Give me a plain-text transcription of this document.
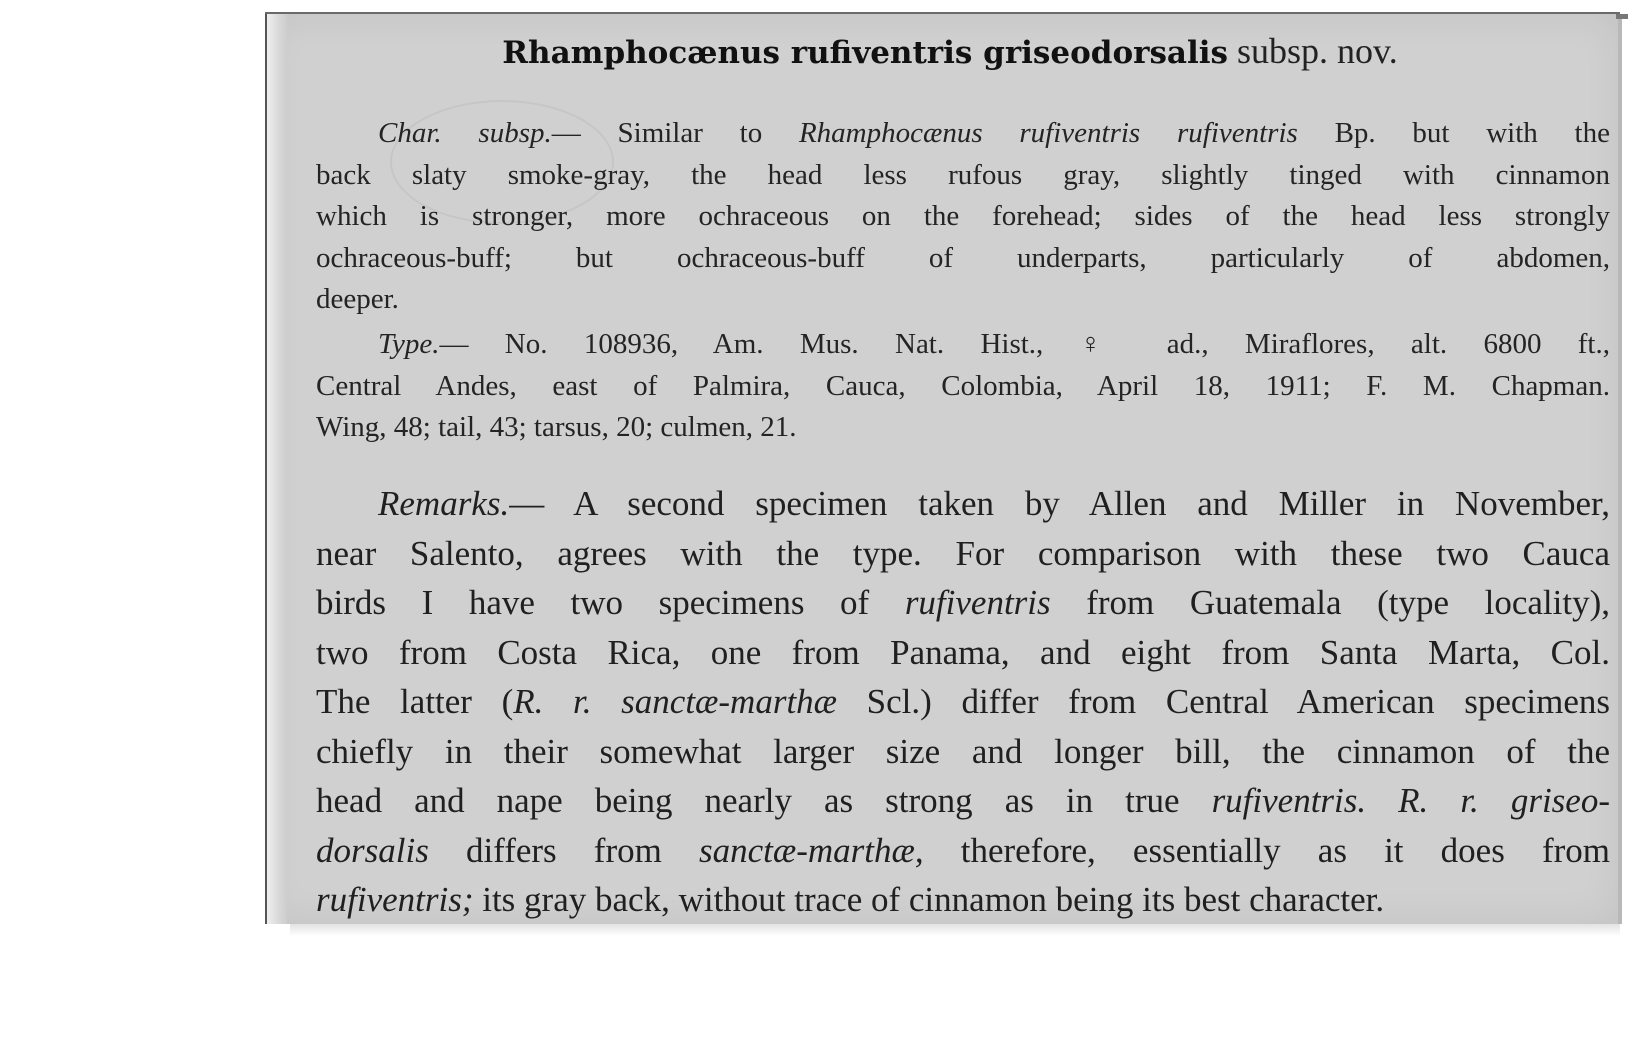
Rhamphocænus rufiventris griseodorsalis subsp. nov.
Char. subsp.— Similar to Rhamphocænus rufiventris rufiventris Bp. but with the
back slaty smoke-gray, the head less rufous gray, slightly tinged with cinnamon
which is stronger, more ochraceous on the forehead; sides of the head less strongly
ochraceous-buff; but ochraceous-buff of underparts, particularly of abdomen,
deeper.
Type.— No. 108936, Am. Mus. Nat. Hist., ♀ ad., Miraflores, alt. 6800 ft.,
Central Andes, east of Palmira, Cauca, Colombia, April 18, 1911; F. M. Chapman.
Wing, 48; tail, 43; tarsus, 20; culmen, 21.
Remarks.— A second specimen taken by Allen and Miller in November,
near Salento, agrees with the type. For comparison with these two Cauca
birds I have two specimens of rufiventris from Guatemala (type locality),
two from Costa Rica, one from Panama, and eight from Santa Marta, Col.
The latter (R. r. sanctæ-marthæ Scl.) differ from Central American specimens
chiefly in their somewhat larger size and longer bill, the cinnamon of the
head and nape being nearly as strong as in true rufiventris. R. r. griseo-
dorsalis differs from sanctæ-marthæ, therefore, essentially as it does from
rufiventris; its gray back, without trace of cinnamon being its best character.
